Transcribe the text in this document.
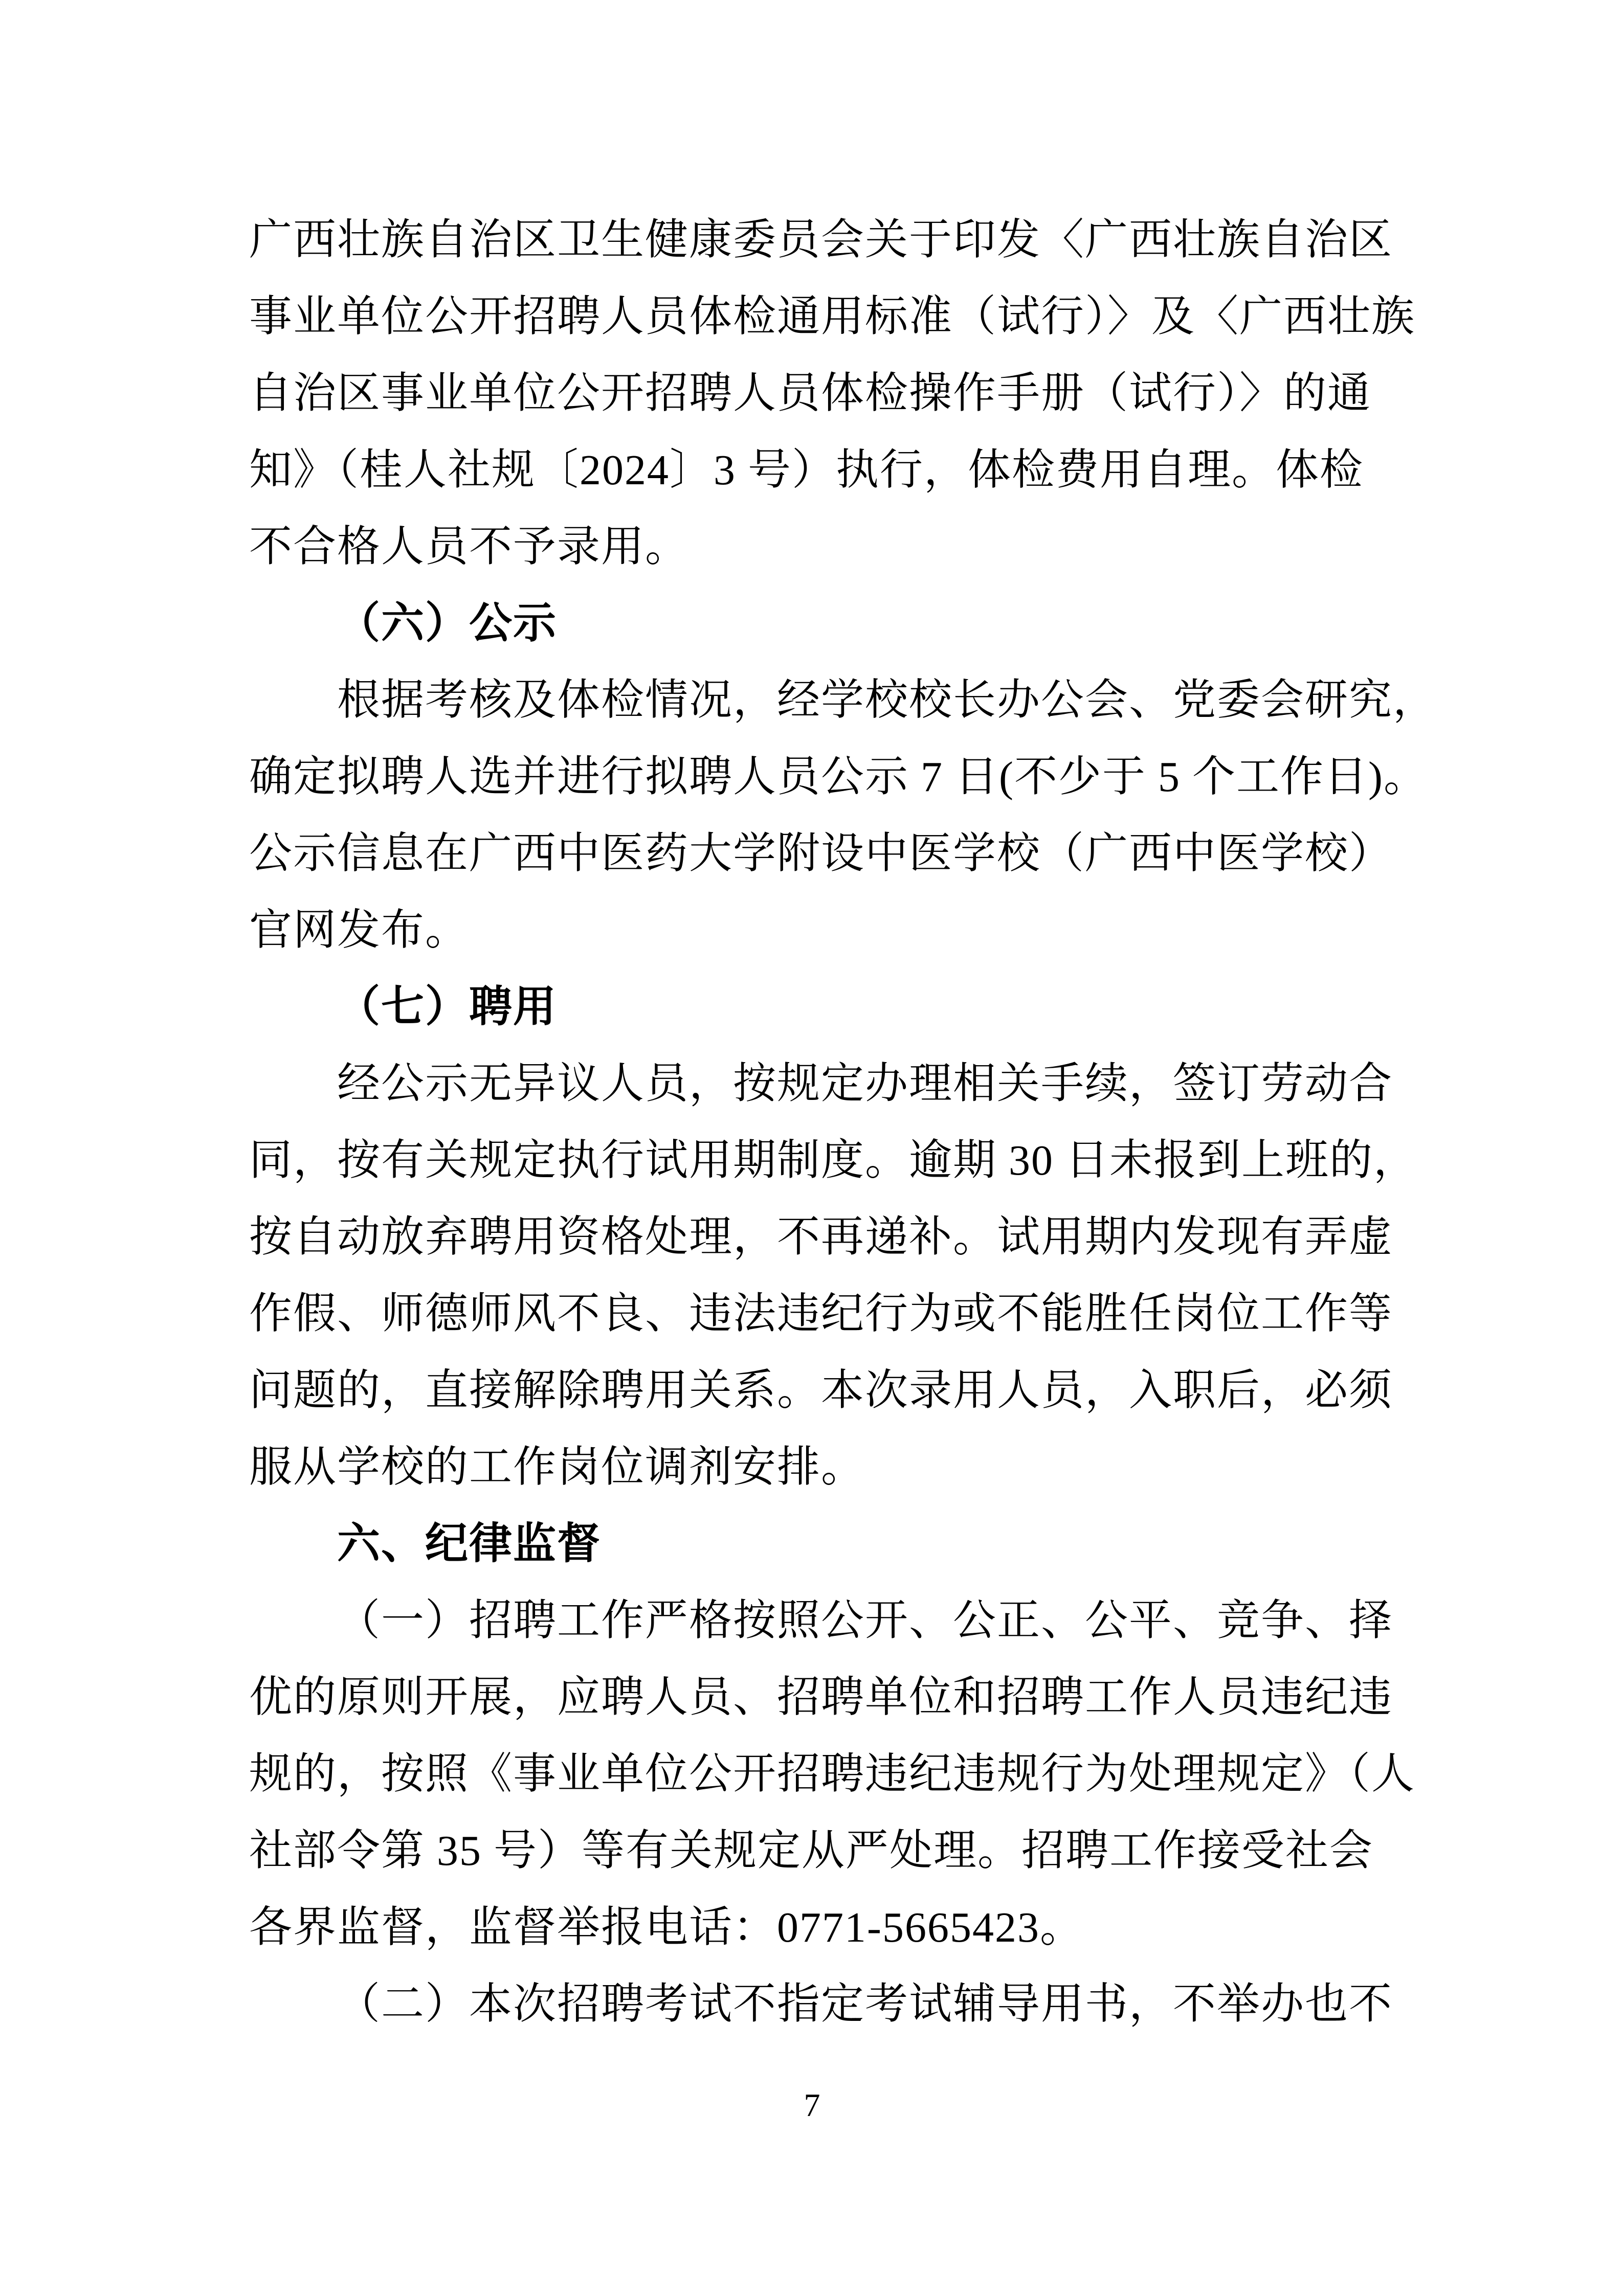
广西壮族自治区卫生健康委员会关于印发〈广西壮族自治区
事业单位公开招聘人员体检通用标准（试行）〉及〈广西壮族
自治区事业单位公开招聘人员体检操作手册（试行）〉的通
知》（桂人社规〔2024〕3 号）执行，体检费用自理。体检
不合格人员不予录用。
（六）公示
根据考核及体检情况，经学校校长办公会、党委会研究，
确定拟聘人选并进行拟聘人员公示 7 日(不少于 5 个工作日)。
公示信息在广西中医药大学附设中医学校（广西中医学校）
官网发布。
（七）聘用
经公示无异议人员，按规定办理相关手续，签订劳动合
同，按有关规定执行试用期制度。逾期 30 日未报到上班的，
按自动放弃聘用资格处理，不再递补。试用期内发现有弄虚
作假、师德师风不良、违法违纪行为或不能胜任岗位工作等
问题的，直接解除聘用关系。本次录用人员，入职后，必须
服从学校的工作岗位调剂安排。
六、纪律监督
（一）招聘工作严格按照公开、公正、公平、竞争、择
优的原则开展，应聘人员、招聘单位和招聘工作人员违纪违
规的，按照《事业单位公开招聘违纪违规行为处理规定》（人
社部令第 35 号）等有关规定从严处理。招聘工作接受社会
各界监督，监督举报电话：0771-5665423。
（二）本次招聘考试不指定考试辅导用书，不举办也不
7
